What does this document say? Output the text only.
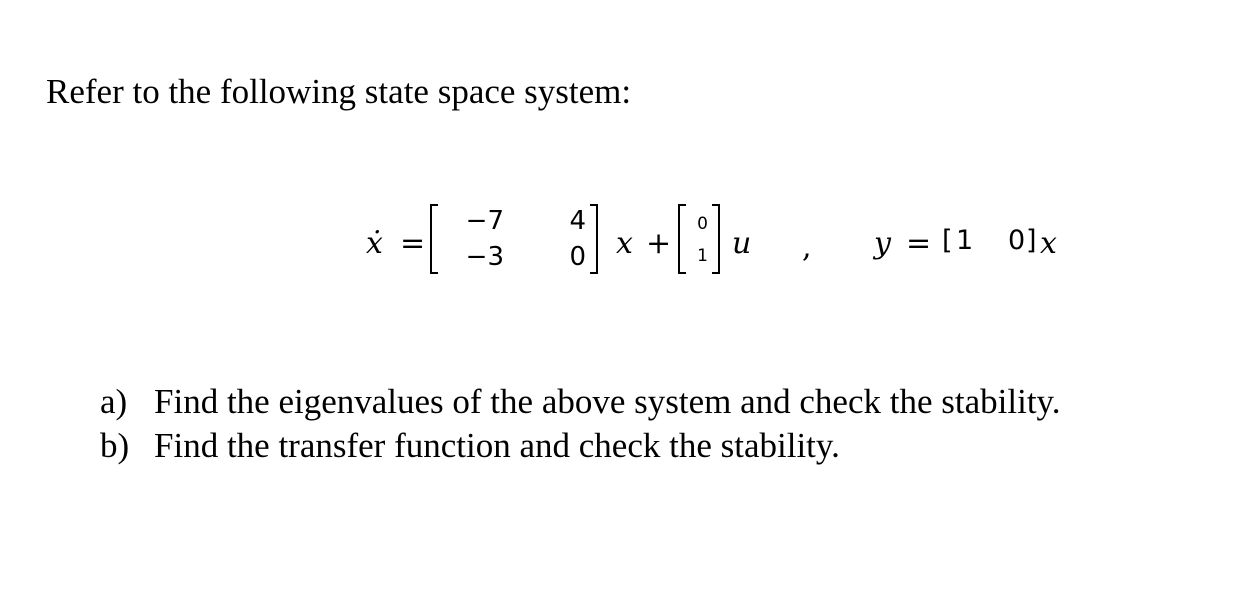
Refer to the following state space system:
ẋ =
−7
−3
4
0 x +
0
1 u , y = [ 1 0 ] x
a) Find the eigenvalues of the above system and check the stability.
b) Find the transfer function and check the stability.
